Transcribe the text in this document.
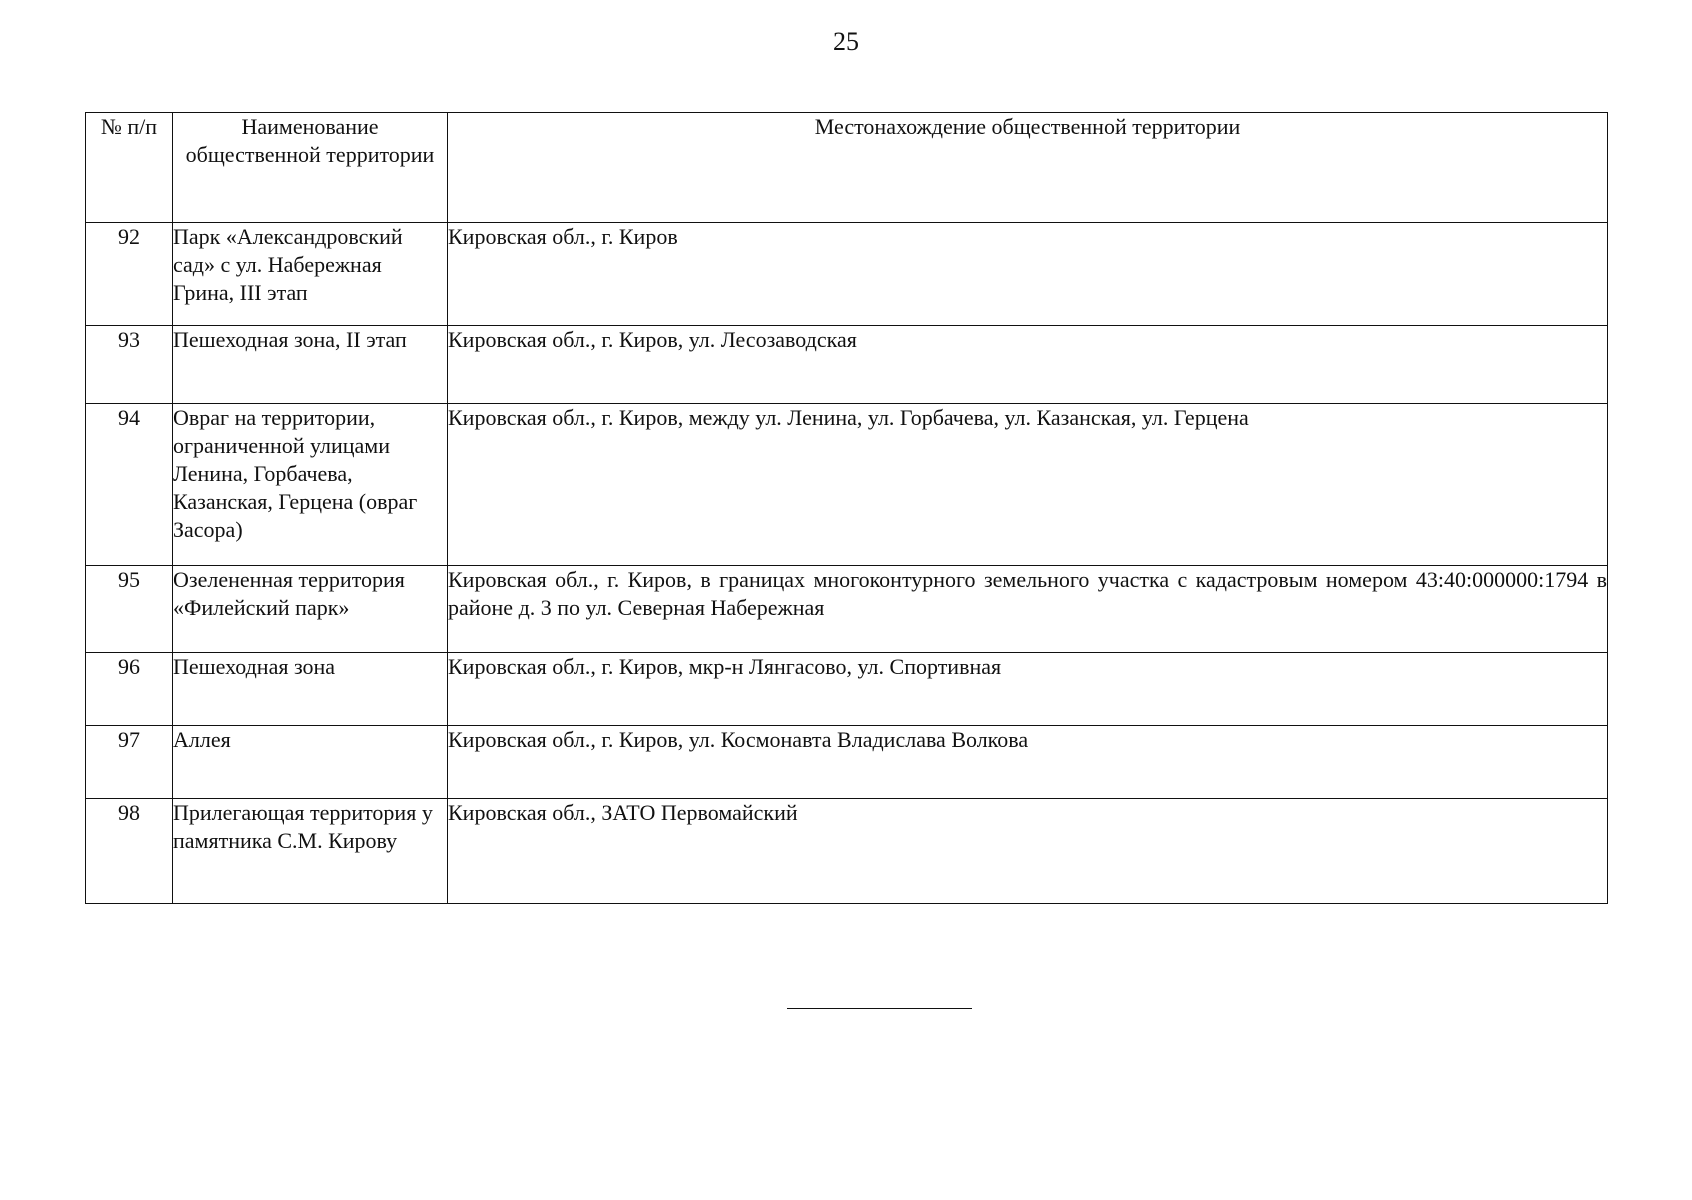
25
№ п/п	Наименование общественной территории	Местонахождение общественной территории
92	Парк «Александровский сад» с ул. Набережная Грина, III этап	Кировская обл., г. Киров
93	Пешеходная зона, II этап	Кировская обл., г. Киров, ул. Лесозаводская
94	Овраг на территории, ограниченной улицами Ленина, Горбачева, Казанская, Герцена (овраг Засора)	Кировская обл., г. Киров, между ул. Ленина, ул. Горбачева, ул. Казанская, ул. Герцена
95	Озелененная территория «Филейский парк»	Кировская обл., г. Киров, в границах многоконтурного земельного участка с кадастровым номером 43:40:000000:1794 в районе д. 3 по ул. Северная Набережная
96	Пешеходная зона	Кировская обл., г. Киров, мкр-н Лянгасово, ул. Спортивная
97	Аллея	Кировская обл., г. Киров, ул. Космонавта Владислава Волкова
98	Прилегающая территория у памятника С.М. Кирову	Кировская обл., ЗАТО Первомайский
